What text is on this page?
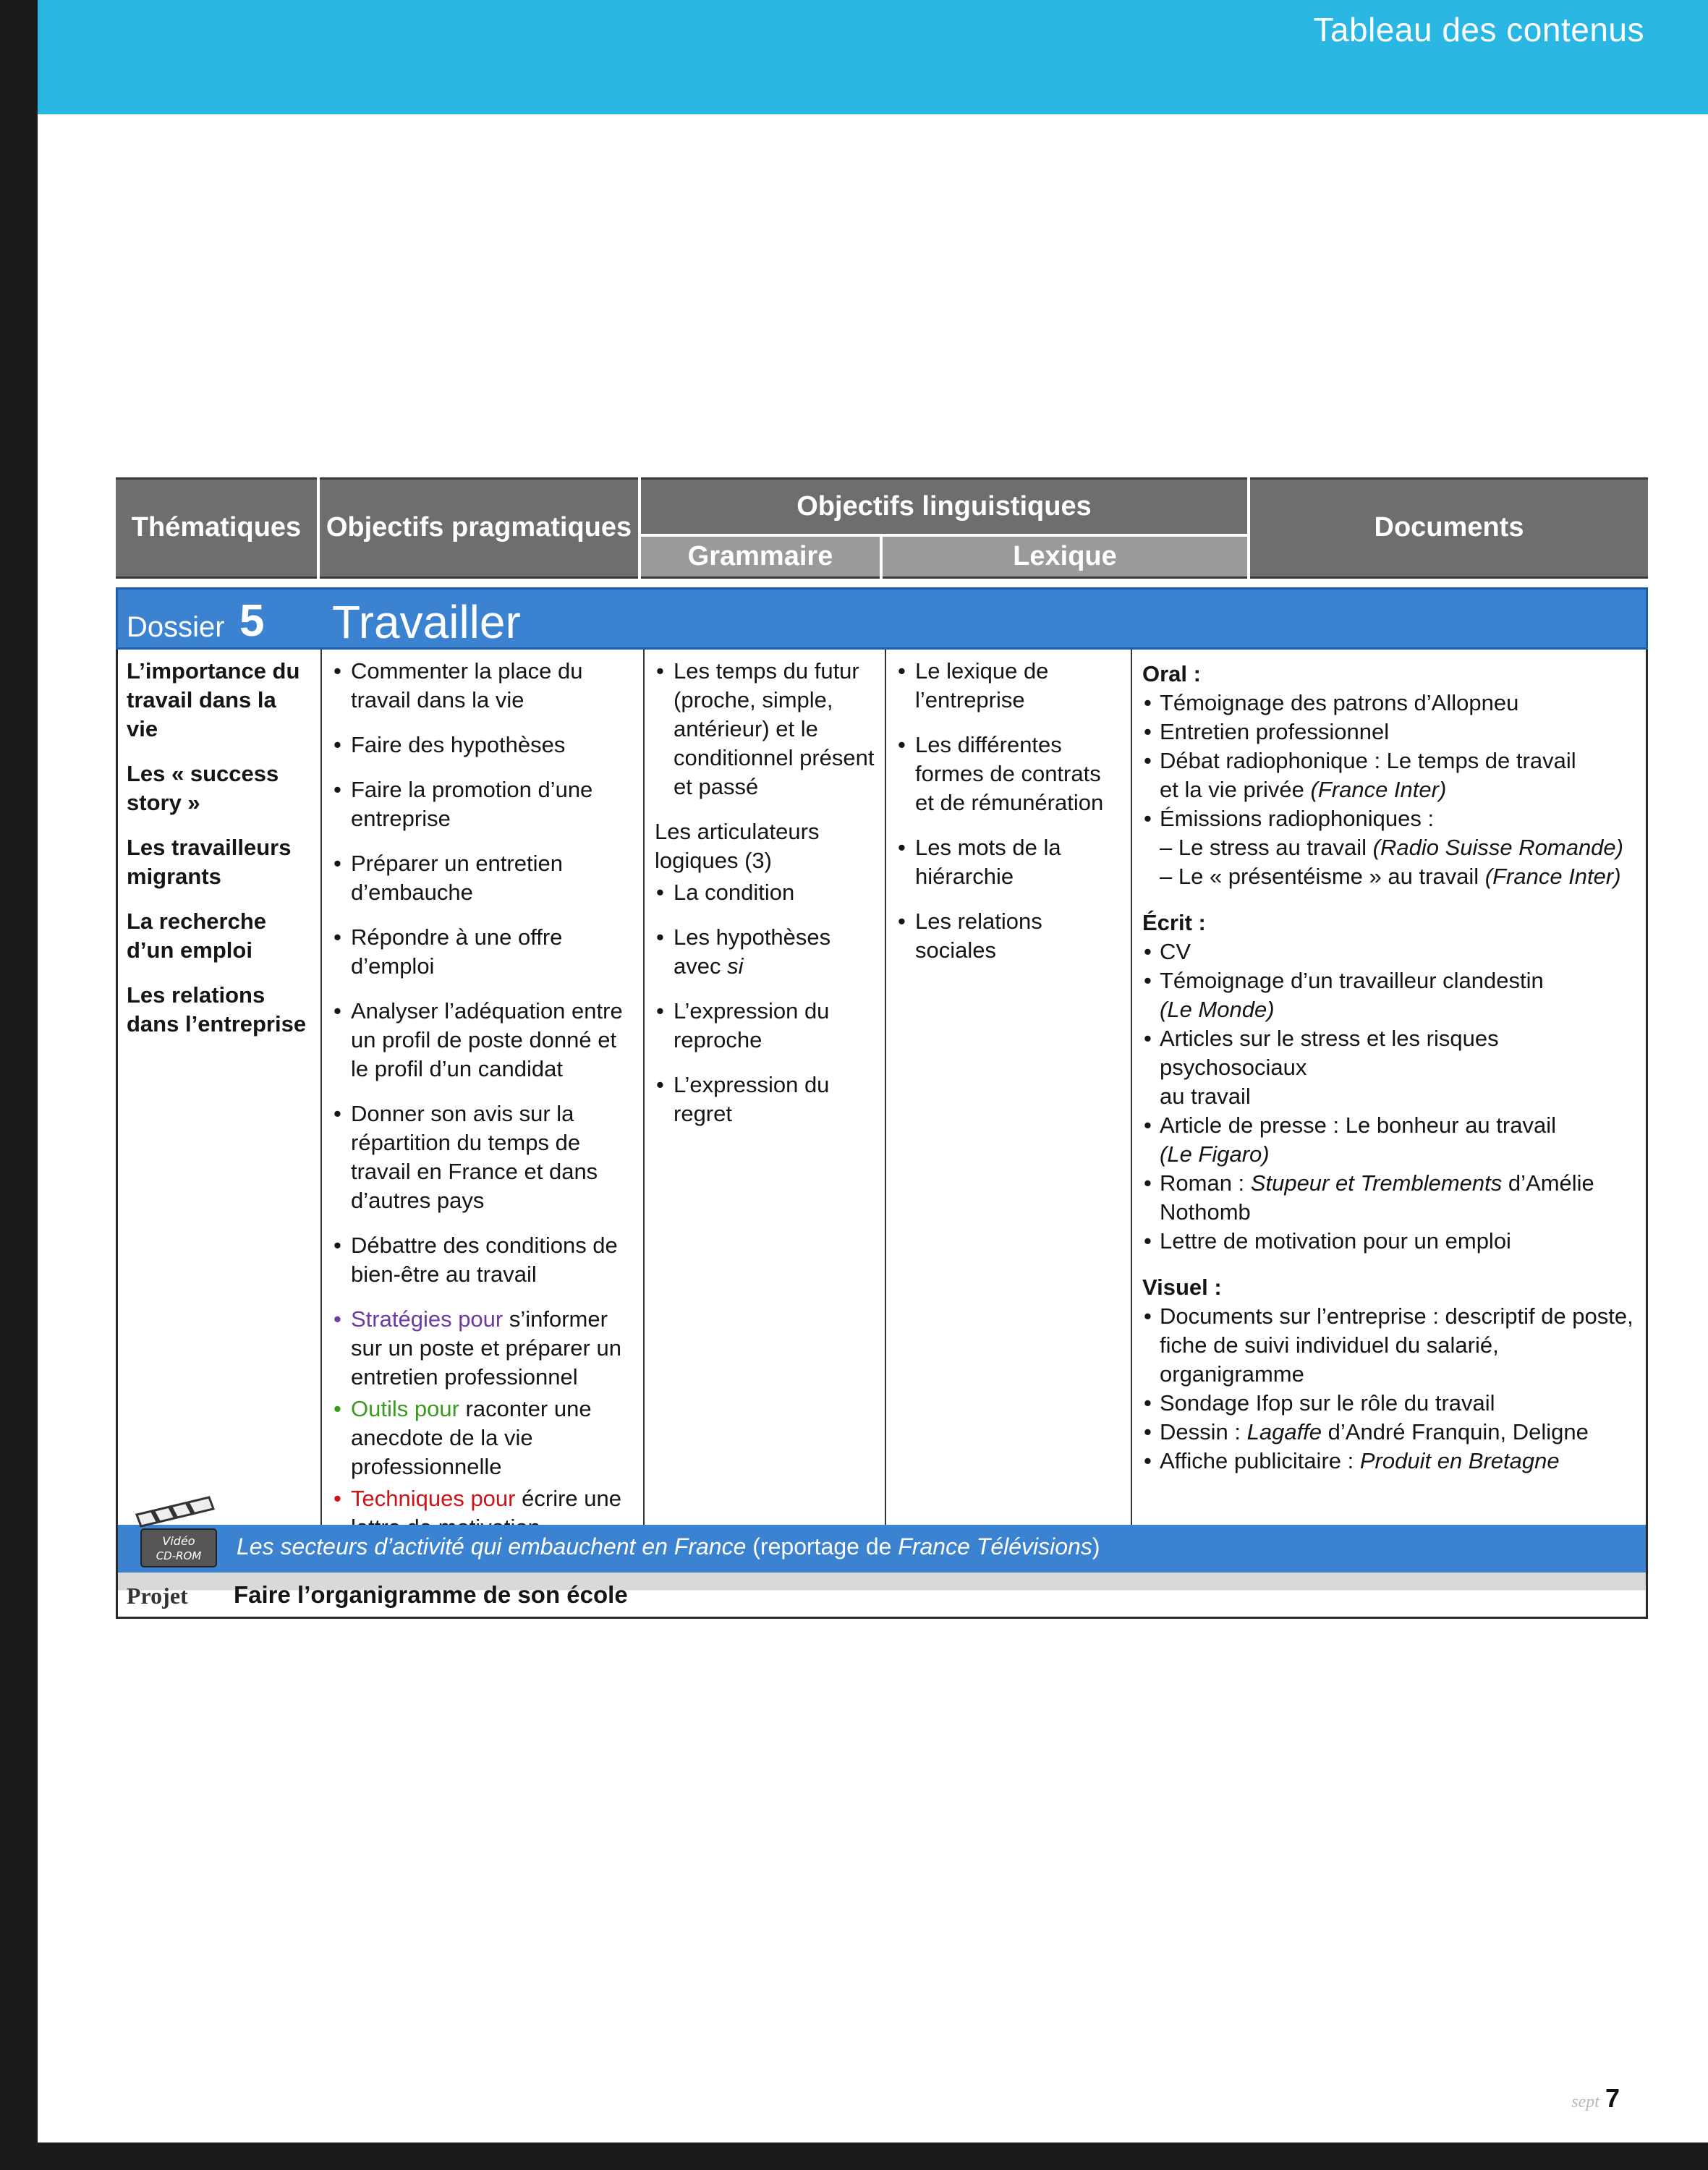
Tableau des contenus
Thématiques Objectifs pragmatiques
Objectifs linguistiques
Grammaire	Lexique
Documents
Dossier 5 Travailler
L’importance du travail dans la vie
Les « success story »
Les travailleurs migrants
La recherche d’un emploi
Les relations dans l’entreprise
• Commenter la place du travail dans la vie
• Faire des hypothèses
• Faire la promotion d’une entreprise
• Préparer un entretien d’embauche
• Répondre à une offre d’emploi
• Analyser l’adéquation entre un profil de poste donné et le profil d’un candidat
• Donner son avis sur la répartition du temps de travail en France et dans d’autres pays
• Débattre des conditions de bien-être au travail
• Stratégies pour s’informer sur un poste et préparer un entretien professionnel
• Outils pour raconter une anecdote de la vie professionnelle
• Techniques pour écrire une
• Les temps du futur (proche, simple, antérieur) et le conditionnel présent et passé
Les articulateurs logiques (3)
• La condition
• Les hypothèses avec si
• L’expression du reproche
• L’expression du regret
• Le lexique de l’entreprise
• Les différentes formes de contrats et de rémunération
• Les mots de la hiérarchie
• Les relations sociales
Oral :
• Témoignage des patrons d’Allopneu
• Entretien professionnel
• Débat radiophonique : Le temps de travail
et la vie privée (France Inter)
• Émissions radiophoniques :
– Le stress au travail (Radio Suisse Romande)
– Le « présentéisme » au travail (France Inter)
Écrit :
• CV
• Témoignage d’un travailleur clandestin
(Le Monde)
• Articles sur le stress et les risques psychosociaux
au travail
• Article de presse : Le bonheur au travail
(Le Figaro)
• Roman : Stupeur et Tremblements d’Amélie
Nothomb
• Lettre de motivation pour un emploi
Visuel :
• Documents sur l’entreprise : descriptif de poste,
fiche de suivi individuel du salarié, organigramme
• Sondage Ifop sur le rôle du travail
• Dessin : Lagaffe d’André Franquin, Deligne
• Affiche publicitaire : Produit en Bretagne
Vidéo
CD-ROM Les secteurs d’activité qui embauchent en France (reportage de France Télévisions)
Projet Faire l’organigramme de son école
sept 7
